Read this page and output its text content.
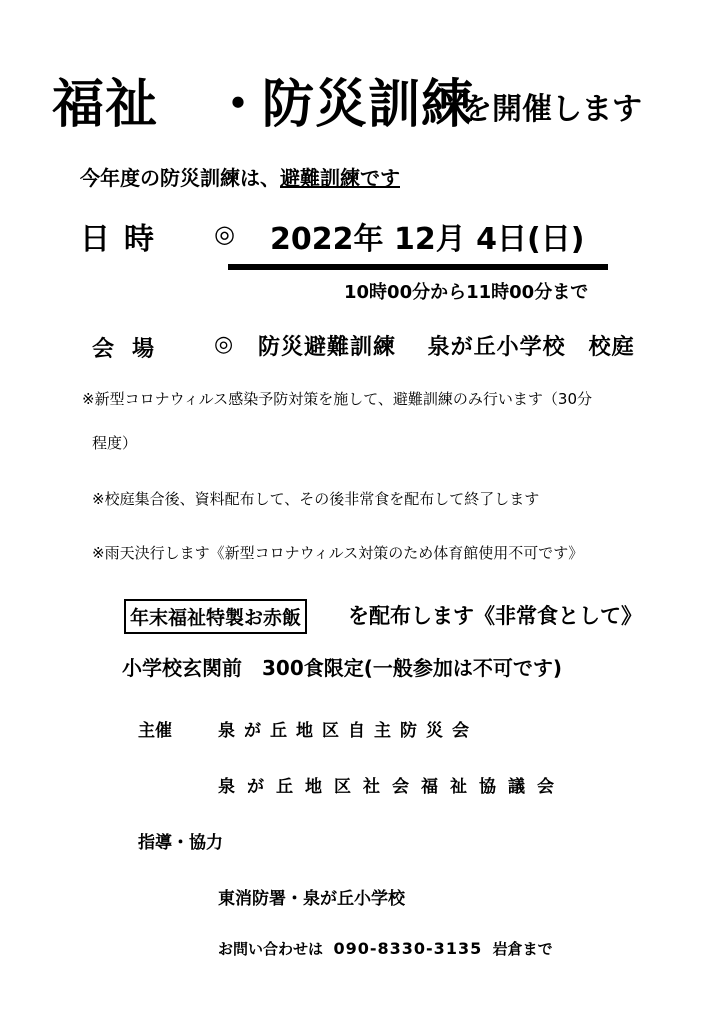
福祉 ・
防災訓練
を開催します
今年度の防災訓練は、避難訓練です
日時 ◎ 2022年 12月 4日(日)
10時00分から11時00分まで
会場 ◎ 防災避難訓練　 泉が丘小学校　校庭
※新型コロナウィルス感染予防対策を施して、避難訓練のみ行います（30分
程度）
※校庭集合後、資料配布して、その後非常食を配布して終了します
※雨天決行します《新型コロナウィルス対策のため体育館使用不可です》
年末福祉特製お赤飯 を配布します《非常食として》
小学校玄関前　300食限定(一般参加は不可です)
主催	泉が丘地区自主防災会
泉が丘地区社会福祉協議会
指導・協力
東消防署・泉が丘小学校
お問い合わせは 090-8330-3135 岩倉まで
